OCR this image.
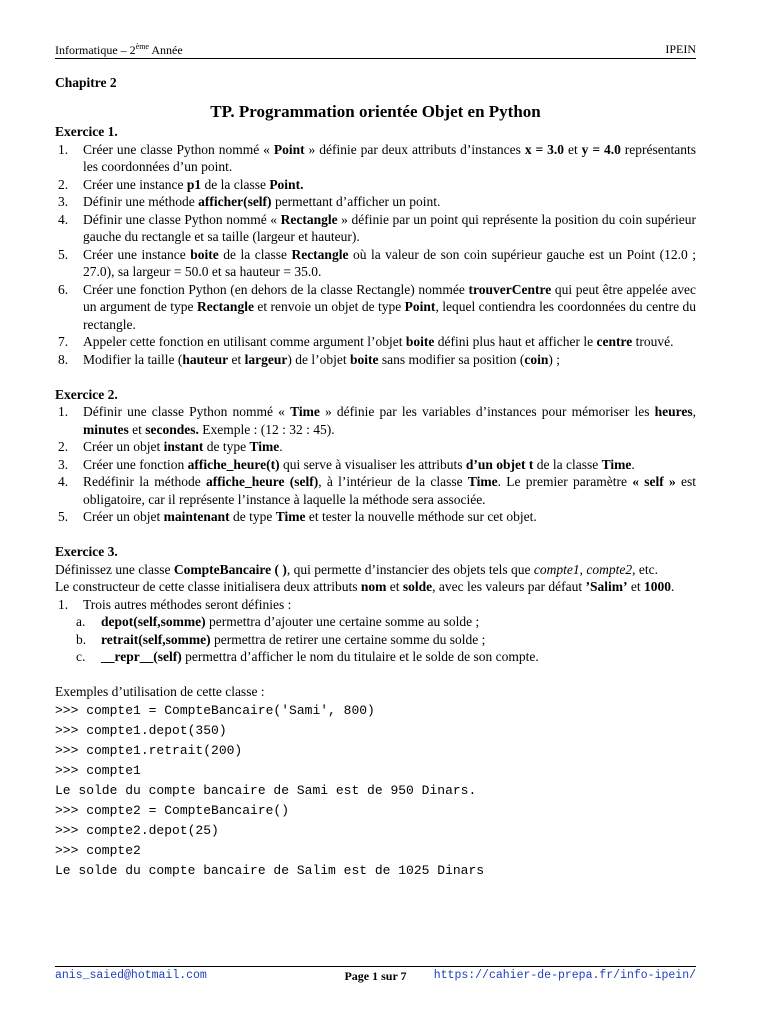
Informatique – 2ème Année	IPEIN
Chapitre 2
TP. Programmation orientée Objet en Python
Exercice 1.
1. Créer une classe Python nommé « Point » définie par deux attributs d’instances x = 3.0 et y = 4.0 représentants les coordonnées d’un point.
2. Créer une instance p1 de la classe Point.
3. Définir une méthode afficher(self) permettant d’afficher un point.
4. Définir une classe Python nommé « Rectangle » définie par un point qui représente la position du coin supérieur gauche du rectangle et sa taille (largeur et hauteur).
5. Créer une instance boite de la classe Rectangle où la valeur de son coin supérieur gauche est un Point (12.0 ; 27.0), sa largeur = 50.0 et sa hauteur = 35.0.
6. Créer une fonction Python (en dehors de la classe Rectangle) nommée trouverCentre qui peut être appelée avec un argument de type Rectangle et renvoie un objet de type Point, lequel contiendra les coordonnées du centre du rectangle.
7. Appeler cette fonction en utilisant comme argument l’objet boite défini plus haut et afficher le centre trouvé.
8. Modifier la taille (hauteur et largeur) de l’objet boite sans modifier sa position (coin) ;
Exercice 2.
1. Définir une classe Python nommé « Time » définie par les variables d’instances pour mémoriser les heures, minutes et secondes. Exemple : (12 : 32 : 45).
2. Créer un objet instant de type Time.
3. Créer une fonction affiche_heure(t) qui serve à visualiser les attributs d’un objet t de la classe Time.
4. Redéfinir la méthode affiche_heure (self), à l’intérieur de la classe Time. Le premier paramètre « self » est obligatoire, car il représente l’instance à laquelle la méthode sera associée.
5. Créer un objet maintenant de type Time et tester la nouvelle méthode sur cet objet.
Exercice 3.

Définissez une classe CompteBancaire ( ), qui permette d’instancier des objets tels que compte1, compte2, etc.

Le constructeur de cette classe initialisera deux attributs nom et solde, avec les valeurs par défaut ’Salim’ et 1000.

1. Trois autres méthodes seront définies :
a. depot(self,somme) permettra d’ajouter une certaine somme au solde ;
b. retrait(self,somme) permettra de retirer une certaine somme du solde ;
c. __repr__(self) permettra d’afficher le nom du titulaire et le solde de son compte.

Exemples d’utilisation de cette classe :

>>> compte1 = CompteBancaire('Sami', 800)
>>> compte1.depot(350)
>>> compte1.retrait(200)
>>> compte1
Le solde du compte bancaire de Sami est de 950 Dinars.
>>> compte2 = CompteBancaire()
>>> compte2.depot(25)
>>> compte2
Le solde du compte bancaire de Salim est de 1025 Dinars
anis_saied@hotmail.com	Page 1 sur 7	https://cahier-de-prepa.fr/info-ipein/
